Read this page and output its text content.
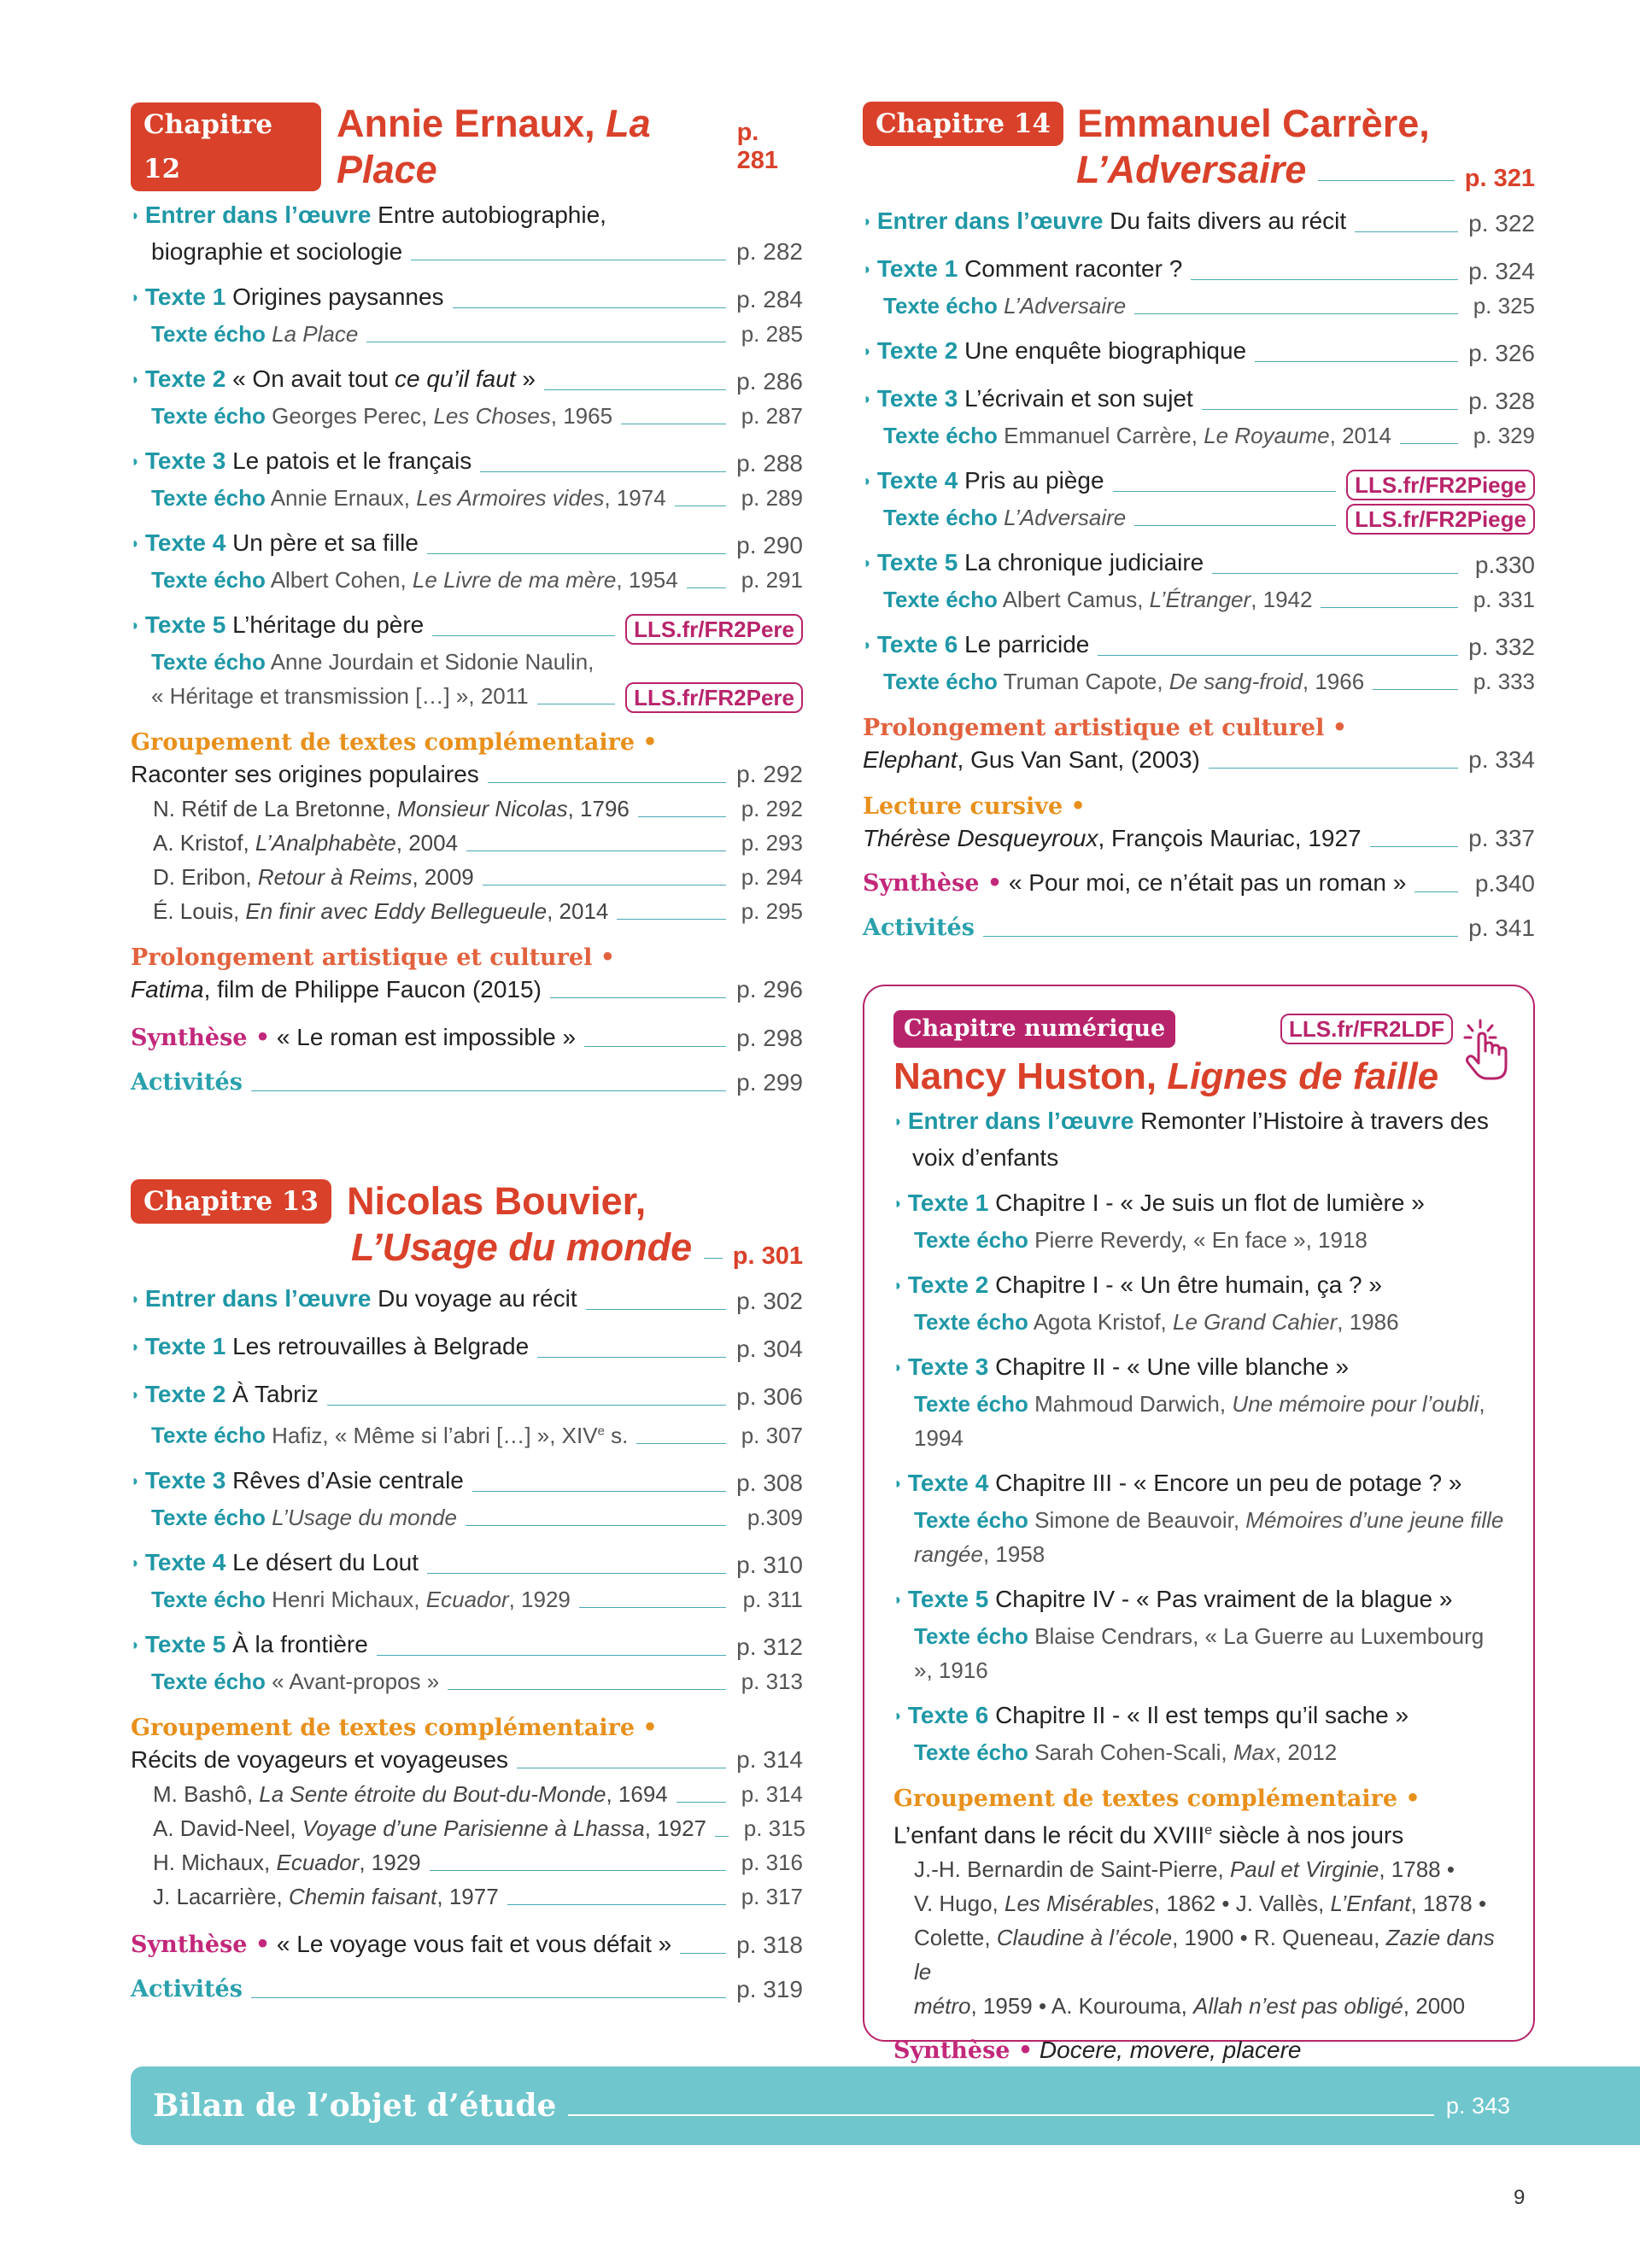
Chapitre 12
Annie Ernaux, La Place
p. 281
◗ Entrer dans l’œuvre Entre autobiographie,
biographie et sociologie	p. 282
◗ Texte 1 Origines paysannes	p. 284
Texte écho La Place	p. 285
◗ Texte 2 « On avait tout ce qu’il faut »	p. 286
Texte écho Georges Perec, Les Choses, 1965	p. 287
◗ Texte 3 Le patois et le français	p. 288
Texte écho Annie Ernaux, Les Armoires vides, 1974	p. 289
◗ Texte 4 Un père et sa fille	p. 290
Texte écho Albert Cohen, Le Livre de ma mère, 1954	p. 291
◗ Texte 5 L’héritage du père	LLS.fr/FR2Pere
Texte écho Anne Jourdain et Sidonie Naulin,
« Héritage et transmission […] », 2011	LLS.fr/FR2Pere
Groupement de textes complémentaire •
Raconter ses origines populaires	p. 292
N. Rétif de La Bretonne, Monsieur Nicolas, 1796	p. 292
A. Kristof, L’Analphabète, 2004	p. 293
D. Eribon, Retour à Reims, 2009	p. 294
É. Louis, En finir avec Eddy Bellegueule, 2014	p. 295
Prolongement artistique et culturel •
Fatima, film de Philippe Faucon (2015)	p. 296
Synthèse • « Le roman est impossible »	p. 298
Activités	p. 299
Chapitre 13 Nicolas Bouvier,
L’Usage du monde p. 301
◗ Entrer dans l’œuvre Du voyage au récit	p. 302
◗ Texte 1 Les retrouvailles à Belgrade	p. 304
◗ Texte 2 À Tabriz	p. 306
Texte écho Hafiz, « Même si l’abri […] », XIVe s.	p. 307
◗ Texte 3 Rêves d’Asie centrale	p. 308
Texte écho L’Usage du monde	p.309
◗ Texte 4 Le désert du Lout	p. 310
Texte écho Henri Michaux, Ecuador, 1929	p. 311
◗ Texte 5 À la frontière	p. 312
Texte écho « Avant-propos »	p. 313
Groupement de textes complémentaire •
Récits de voyageurs et voyageuses	p. 314
M. Bashô, La Sente étroite du Bout-du-Monde, 1694	p. 314
A. David-Neel, Voyage d’une Parisienne à Lhassa, 1927 p. 315
H. Michaux, Ecuador, 1929	p. 316
J. Lacarrière, Chemin faisant, 1977	p. 317
Synthèse • « Le voyage vous fait et vous défait »	p. 318
Activités	p. 319
Chapitre 14 Emmanuel Carrère,
L’Adversaire	p. 321
◗ Entrer dans l’œuvre Du faits divers au récit	p. 322
◗ Texte 1 Comment raconter ?	p. 324
Texte écho L’Adversaire	p. 325
◗ Texte 2 Une enquête biographique	p. 326
◗ Texte 3 L’écrivain et son sujet	p. 328
Texte écho Emmanuel Carrère, Le Royaume, 2014	p. 329
◗ Texte 4 Pris au piège	LLS.fr/FR2Piege
Texte écho L’Adversaire	LLS.fr/FR2Piege
◗ Texte 5 La chronique judiciaire	p.330
Texte écho Albert Camus, L’Étranger, 1942	p. 331
◗ Texte 6 Le parricide	p. 332
Texte écho Truman Capote, De sang-froid, 1966	p. 333
Prolongement artistique et culturel •
Elephant, Gus Van Sant, (2003)	p. 334
Lecture cursive •
Thérèse Desqueyroux, François Mauriac, 1927	p. 337
Synthèse • « Pour moi, ce n’était pas un roman »	p.340
Activités	p. 341
Chapitre numérique	LLS.fr/FR2LDF
Nancy Huston, Lignes de faille
◗ Entrer dans l’œuvre Remonter l’Histoire à travers des
voix d’enfants
◗ Texte 1 Chapitre I - « Je suis un flot de lumière »
Texte écho Pierre Reverdy, « En face », 1918
◗ Texte 2 Chapitre I - « Un être humain, ça ? »
Texte écho Agota Kristof, Le Grand Cahier, 1986
◗ Texte 3 Chapitre II - « Une ville blanche »
Texte écho Mahmoud Darwich, Une mémoire pour l’oubli, 1994
◗ Texte 4 Chapitre III - « Encore un peu de potage ? »
Texte écho Simone de Beauvoir, Mémoires d’une jeune fille
rangée, 1958
◗ Texte 5 Chapitre IV - « Pas vraiment de la blague »
Texte écho Blaise Cendrars, « La Guerre au Luxembourg », 1916
◗ Texte 6 Chapitre II - « Il est temps qu’il sache »
Texte écho Sarah Cohen-Scali, Max, 2012
Groupement de textes complémentaire •
L’enfant dans le récit du XVIIIe siècle à nos jours
J.-H. Bernardin de Saint-Pierre, Paul et Virginie, 1788 •
V. Hugo, Les Misérables, 1862 • J. Vallès, L’Enfant, 1878 •
Colette, Claudine à l’école, 1900 • R. Queneau, Zazie dans le
métro, 1959 • A. Kourouma, Allah n’est pas obligé, 2000
Synthèse • Docere, movere, placere
Bilan de l’objet d’étude	p. 343
9
